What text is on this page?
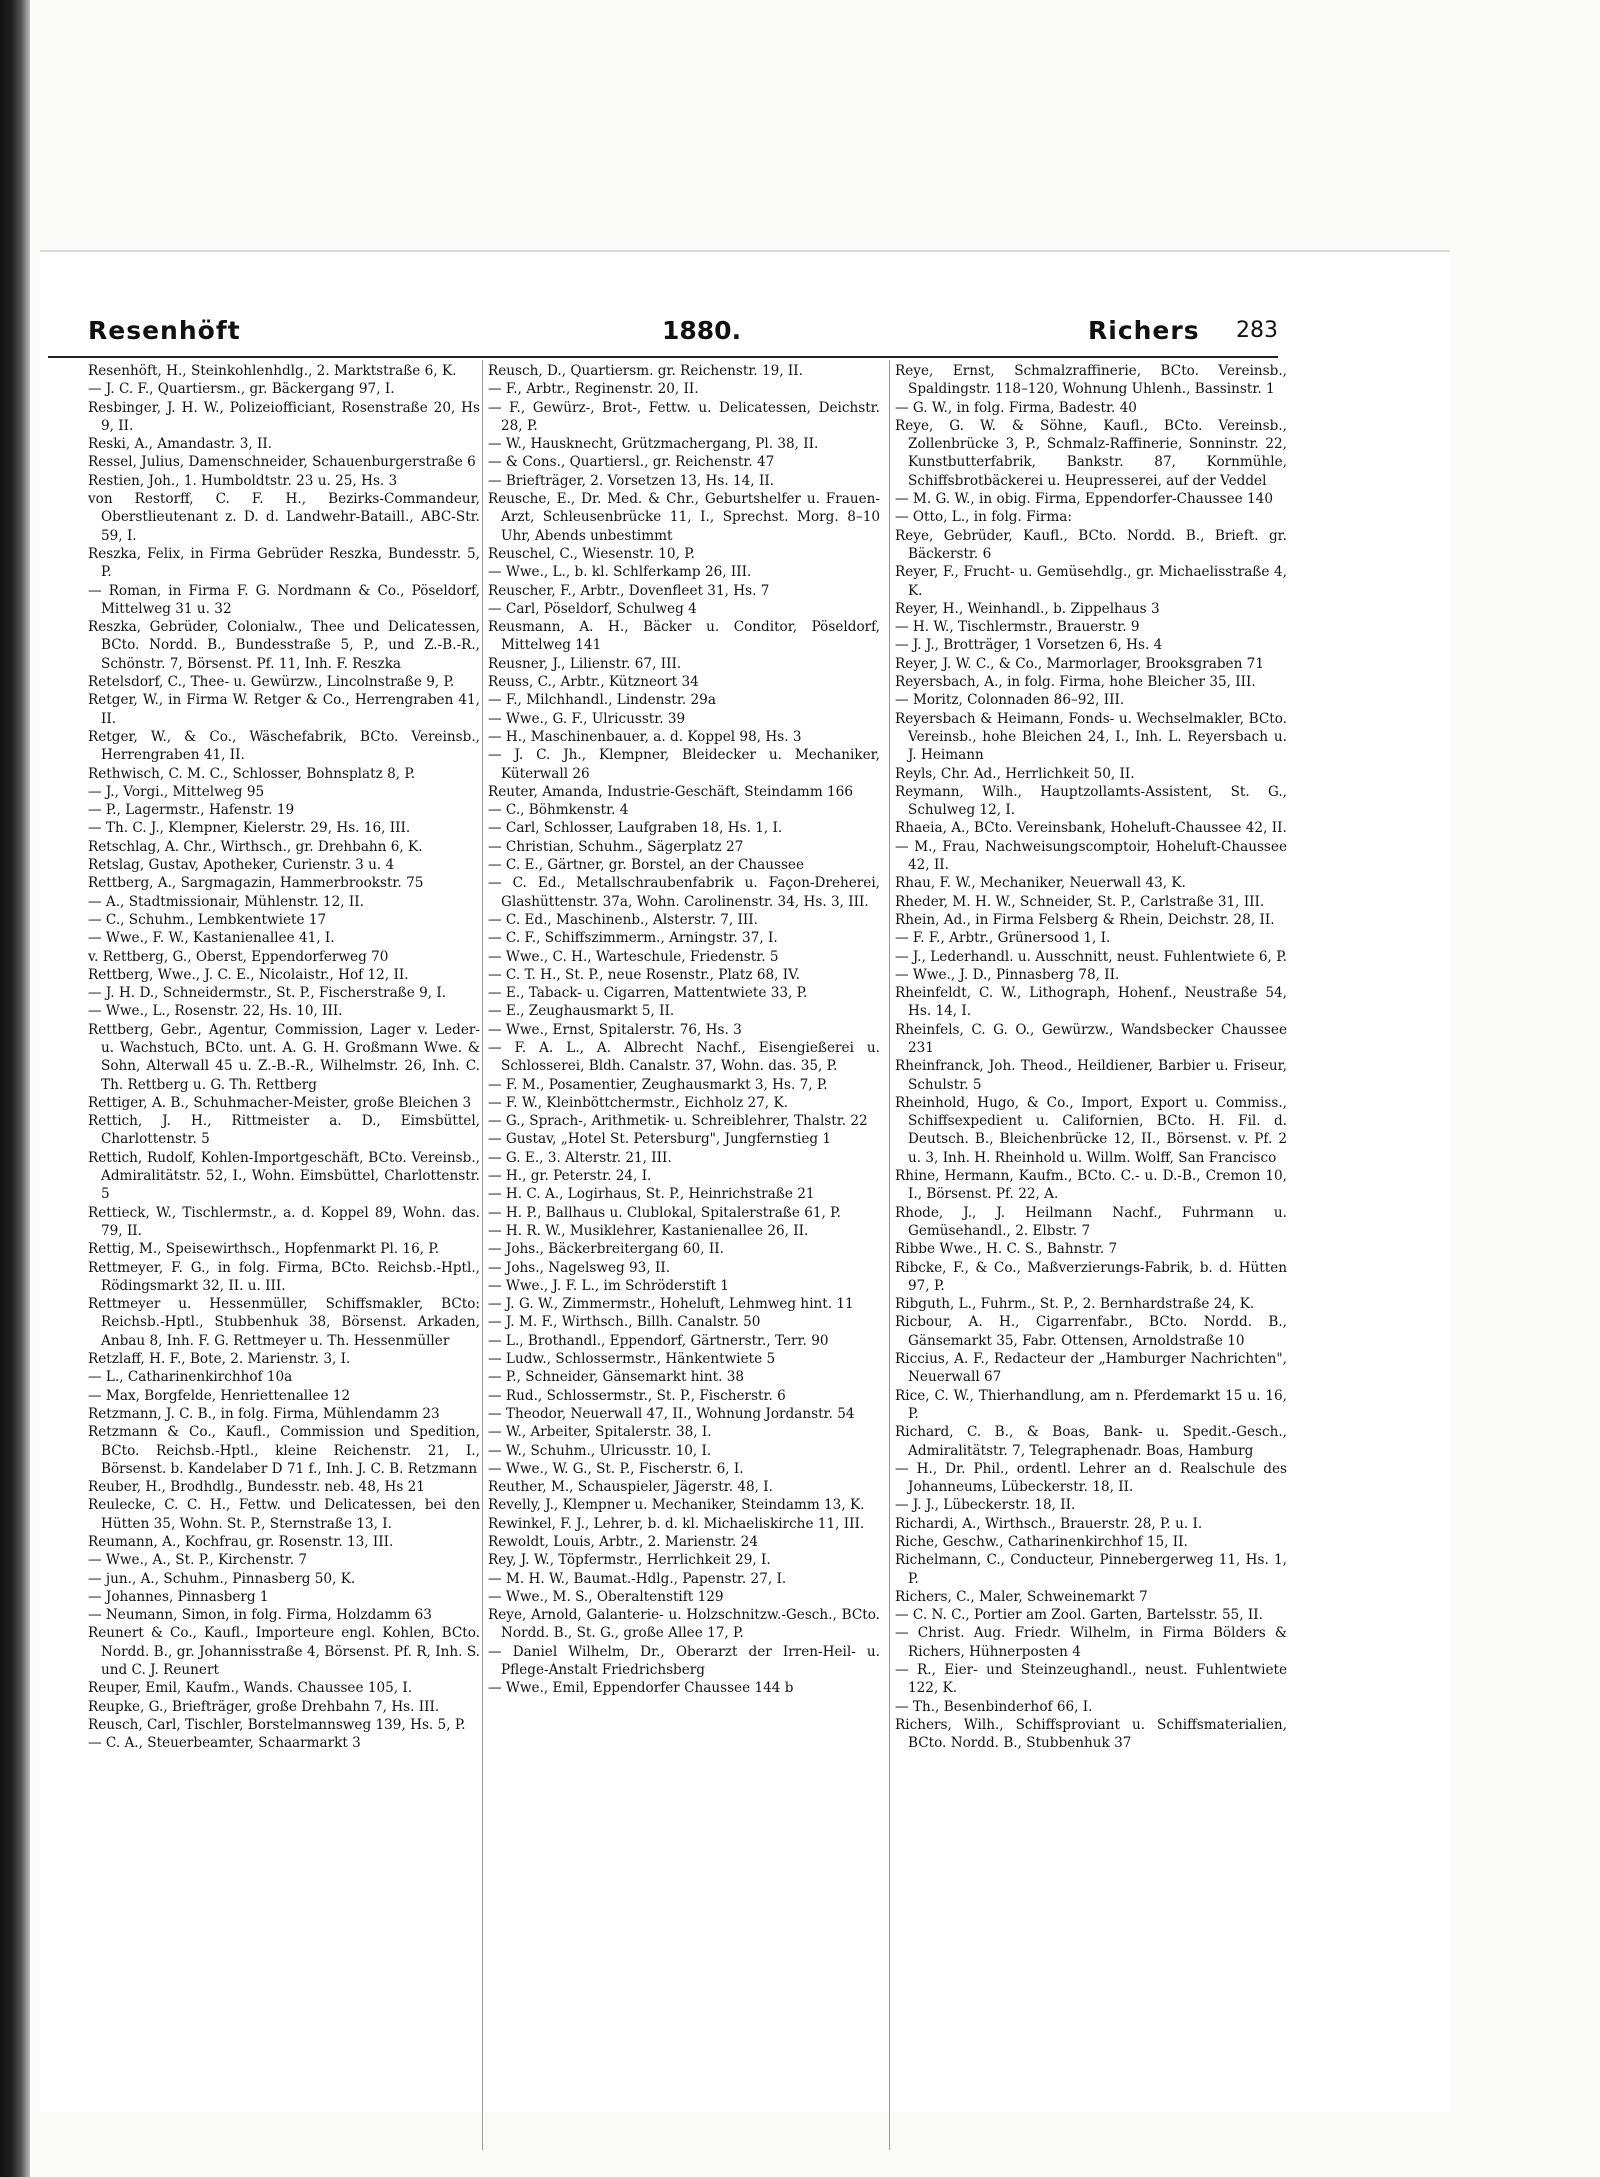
Resenhöft	1880.	Richers 283

Resenhöft, H., Steinkohlenhdlg., 2. Marktstraße 6, K.

— J. C. F., Quartiersm., gr. Bäckergang 97, I.

Resbinger, J. H. W., Polizeiofficiant, Rosenstraße 20, Hs 9, II.

Reski, A., Amandastr. 3, II.

Ressel, Julius, Damenschneider, Schauenburgerstraße 6

Restien, Joh., 1. Humboldtstr. 23 u. 25, Hs. 3

von Restorff, C. F. H., Bezirks-Commandeur, Oberstlieutenant z. D. d. Landwehr-Bataill., ABC-Str. 59, I.

Reszka, Felix, in Firma Gebrüder Reszka, Bundesstr. 5, P.

— Roman, in Firma F. G. Nordmann & Co., Pöseldorf, Mittelweg 31 u. 32

Reszka, Gebrüder, Colonialw., Thee und Delicatessen, BCto. Nordd. B., Bundesstraße 5, P., und Z.-B.-R., Schönstr. 7, Börsenst. Pf. 11, Inh. F. Reszka

Retelsdorf, C., Thee- u. Gewürzw., Lincolnstraße 9, P.

Retger, W., in Firma W. Retger & Co., Herrengraben 41, II.

Retger, W., & Co., Wäschefabrik, BCto. Vereinsb., Herrengraben 41, II.

Rethwisch, C. M. C., Schlosser, Bohnsplatz 8, P.

— J., Vorgi., Mittelweg 95

— P., Lagermstr., Hafenstr. 19

— Th. C. J., Klempner, Kielerstr. 29, Hs. 16, III.

Retschlag, A. Chr., Wirthsch., gr. Drehbahn 6, K.

Retslag, Gustav, Apotheker, Curienstr. 3 u. 4

Rettberg, A., Sargmagazin, Hammerbrookstr. 75

— A., Stadtmissionair, Mühlenstr. 12, II.

— C., Schuhm., Lembkentwiete 17

— Wwe., F. W., Kastanienallee 41, I.

v. Rettberg, G., Oberst, Eppendorferweg 70

Rettberg, Wwe., J. C. E., Nicolaistr., Hof 12, II.

— J. H. D., Schneidermstr., St. P., Fischerstraße 9, I.

— Wwe., L., Rosenstr. 22, Hs. 10, III.

Rettberg, Gebr., Agentur, Commission, Lager v. Leder- u. Wachstuch, BCto. unt. A. G. H. Großmann Wwe. & Sohn, Alterwall 45 u. Z.-B.-R., Wilhelmstr. 26, Inh. C. Th. Rettberg u. G. Th. Rettberg

Rettiger, A. B., Schuhmacher-Meister, große Bleichen 3

Rettich, J. H., Rittmeister a. D., Eimsbüttel, Charlottenstr. 5

Rettich, Rudolf, Kohlen-Importgeschäft, BCto. Vereinsb., Admiralitätstr. 52, I., Wohn. Eimsbüttel, Charlottenstr. 5

Rettieck, W., Tischlermstr., a. d. Koppel 89, Wohn. das. 79, II.

Rettig, M., Speisewirthsch., Hopfenmarkt Pl. 16, P.

Rettmeyer, F. G., in folg. Firma, BCto. Reichsb.-Hptl., Rödingsmarkt 32, II. u. III.

Rettmeyer u. Hessenmüller, Schiffsmakler, BCto: Reichsb.-Hptl., Stubbenhuk 38, Börsenst. Arkaden, Anbau 8, Inh. F. G. Rettmeyer u. Th. Hessenmüller

Retzlaff, H. F., Bote, 2. Marienstr. 3, I.

— L., Catharinenkirchhof 10a

— Max, Borgfelde, Henriettenallee 12

Retzmann, J. C. B., in folg. Firma, Mühlendamm 23

Retzmann & Co., Kaufl., Commission und Spedition, BCto. Reichsb.-Hptl., kleine Reichenstr. 21, I., Börsenst. b. Kandelaber D 71 f., Inh. J. C. B. Retzmann

Reuber, H., Brodhdlg., Bundesstr. neb. 48, Hs 21

Reulecke, C. C. H., Fettw. und Delicatessen, bei den Hütten 35, Wohn. St. P., Sternstraße 13, I.

Reumann, A., Kochfrau, gr. Rosenstr. 13, III.

— Wwe., A., St. P., Kirchenstr. 7

— jun., A., Schuhm., Pinnasberg 50, K.

— Johannes, Pinnasberg 1

— Neumann, Simon, in folg. Firma, Holzdamm 63

Reunert & Co., Kaufl., Importeure engl. Kohlen, BCto. Nordd. B., gr. Johannisstraße 4, Börsenst. Pf. R, Inh. S. und C. J. Reunert

Reuper, Emil, Kaufm., Wands. Chaussee 105, I.

Reupke, G., Briefträger, große Drehbahn 7, Hs. III.

Reusch, Carl, Tischler, Borstelmannsweg 139, Hs. 5, P.

— C. A., Steuerbeamter, Schaarmarkt 3

Reusch, D., Quartiersm. gr. Reichenstr. 19, II.

— F., Arbtr., Reginenstr. 20, II.

— F., Gewürz-, Brot-, Fettw. u. Delicatessen, Deichstr. 28, P.

— W., Hausknecht, Grützmachergang, Pl. 38, II.

— & Cons., Quartiersl., gr. Reichenstr. 47

— Briefträger, 2. Vorsetzen 13, Hs. 14, II.

Reusche, E., Dr. Med. & Chr., Geburtshelfer u. Frauen-Arzt, Schleusenbrücke 11, I., Sprechst. Morg. 8–10 Uhr, Abends unbestimmt

Reuschel, C., Wiesenstr. 10, P.

— Wwe., L., b. kl. Schlferkamp 26, III.

Reuscher, F., Arbtr., Dovenfleet 31, Hs. 7

— Carl, Pöseldorf, Schulweg 4

Reusmann, A. H., Bäcker u. Conditor, Pöseldorf, Mittelweg 141

Reusner, J., Lilienstr. 67, III.

Reuss, C., Arbtr., Kützneort 34

— F., Milchhandl., Lindenstr. 29a

— Wwe., G. F., Ulricusstr. 39

— H., Maschinenbauer, a. d. Koppel 98, Hs. 3

— J. C. Jh., Klempner, Bleidecker u. Mechaniker, Küterwall 26

Reuter, Amanda, Industrie-Geschäft, Steindamm 166

— C., Böhmkenstr. 4

— Carl, Schlosser, Laufgraben 18, Hs. 1, I.

— Christian, Schuhm., Sägerplatz 27

— C. E., Gärtner, gr. Borstel, an der Chaussee

— C. Ed., Metallschraubenfabrik u. Façon-Dreherei, Glashüttenstr. 37a, Wohn. Carolinenstr. 34, Hs. 3, III.

— C. Ed., Maschinenb., Alsterstr. 7, III.

— C. F., Schiffszimmerm., Arningstr. 37, I.

— Wwe., C. H., Warteschule, Friedenstr. 5

— C. T. H., St. P., neue Rosenstr., Platz 68, IV.

— E., Taback- u. Cigarren, Mattentwiete 33, P.

— E., Zeughausmarkt 5, II.

— Wwe., Ernst, Spitalerstr. 76, Hs. 3

— F. A. L., A. Albrecht Nachf., Eisengießerei u. Schlosserei, Bldh. Canalstr. 37, Wohn. das. 35, P.

— F. M., Posamentier, Zeughausmarkt 3, Hs. 7, P.

— F. W., Kleinböttchermstr., Eichholz 27, K.

— G., Sprach-, Arithmetik- u. Schreiblehrer, Thalstr. 22

— Gustav, „Hotel St. Petersburg", Jungfernstieg 1

— G. E., 3. Alterstr. 21, III.

— H., gr. Peterstr. 24, I.

— H. C. A., Logirhaus, St. P., Heinrichstraße 21

— H. P., Ballhaus u. Clublokal, Spitalerstraße 61, P.

— H. R. W., Musiklehrer, Kastanienallee 26, II.

— Johs., Bäckerbreitergang 60, II.

— Johs., Nagelsweg 93, II.

— Wwe., J. F. L., im Schröderstift 1

— J. G. W., Zimmermstr., Hoheluft, Lehmweg hint. 11

— J. M. F., Wirthsch., Billh. Canalstr. 50

— L., Brothandl., Eppendorf, Gärtnerstr., Terr. 90

— Ludw., Schlossermstr., Hänkentwiete 5

— P., Schneider, Gänsemarkt hint. 38

— Rud., Schlossermstr., St. P., Fischerstr. 6

— Theodor, Neuerwall 47, II., Wohnung Jordanstr. 54

— W., Arbeiter, Spitalerstr. 38, I.

— W., Schuhm., Ulricusstr. 10, I.

— Wwe., W. G., St. P., Fischerstr. 6, I.

Reuther, M., Schauspieler, Jägerstr. 48, I.

Revelly, J., Klempner u. Mechaniker, Steindamm 13, K.

Rewinkel, F. J., Lehrer, b. d. kl. Michaeliskirche 11, III.

Rewoldt, Louis, Arbtr., 2. Marienstr. 24

Rey, J. W., Töpfermstr., Herrlichkeit 29, I.

— M. H. W., Baumat.-Hdlg., Papenstr. 27, I.

— Wwe., M. S., Oberaltenstift 129

Reye, Arnold, Galanterie- u. Holzschnitzw.-Gesch., BCto. Nordd. B., St. G., große Allee 17, P.

— Daniel Wilhelm, Dr., Oberarzt der Irren-Heil- u. Pflege-Anstalt Friedrichsberg

— Wwe., Emil, Eppendorfer Chaussee 144 b

Reye, Ernst, Schmalzraffinerie, BCto. Vereinsb., Spaldingstr. 118–120, Wohnung Uhlenh., Bassinstr. 1

— G. W., in folg. Firma, Badestr. 40

Reye, G. W. & Söhne, Kaufl., BCto. Vereinsb., Zollenbrücke 3, P., Schmalz-Raffinerie, Sonninstr. 22, Kunstbutterfabrik, Bankstr. 87, Kornmühle, Schiffsbrotbäckerei u. Heupresserei, auf der Veddel

— M. G. W., in obig. Firma, Eppendorfer-Chaussee 140

— Otto, L., in folg. Firma:

Reye, Gebrüder, Kaufl., BCto. Nordd. B., Brieft. gr. Bäckerstr. 6

Reyer, F., Frucht- u. Gemüsehdlg., gr. Michaelisstraße 4, K.

Reyer, H., Weinhandl., b. Zippelhaus 3

— H. W., Tischlermstr., Brauerstr. 9

— J. J., Brotträger, 1 Vorsetzen 6, Hs. 4

Reyer, J. W. C., & Co., Marmorlager, Brooksgraben 71

Reyersbach, A., in folg. Firma, hohe Bleicher 35, III.

— Moritz, Colonnaden 86–92, III.

Reyersbach & Heimann, Fonds- u. Wechselmakler, BCto. Vereinsb., hohe Bleichen 24, I., Inh. L. Reyersbach u. J. Heimann

Reyls, Chr. Ad., Herrlichkeit 50, II.

Reymann, Wilh., Hauptzollamts-Assistent, St. G., Schulweg 12, I.

Rhaeia, A., BCto. Vereinsbank, Hoheluft-Chaussee 42, II.

— M., Frau, Nachweisungscomptoir, Hoheluft-Chaussee 42, II.

Rhau, F. W., Mechaniker, Neuerwall 43, K.

Rheder, M. H. W., Schneider, St. P., Carlstraße 31, III.

Rhein, Ad., in Firma Felsberg & Rhein, Deichstr. 28, II.

— F. F., Arbtr., Grünersood 1, I.

— J., Lederhandl. u. Ausschnitt, neust. Fuhlentwiete 6, P.

— Wwe., J. D., Pinnasberg 78, II.

Rheinfeldt, C. W., Lithograph, Hohenf., Neustraße 54, Hs. 14, I.

Rheinfels, C. G. O., Gewürzw., Wandsbecker Chaussee 231

Rheinfranck, Joh. Theod., Heildiener, Barbier u. Friseur, Schulstr. 5

Rheinhold, Hugo, & Co., Import, Export u. Commiss., Schiffsexpedient u. Californien, BCto. H. Fil. d. Deutsch. B., Bleichenbrücke 12, II., Börsenst. v. Pf. 2 u. 3, Inh. H. Rheinhold u. Willm. Wolff, San Francisco

Rhine, Hermann, Kaufm., BCto. C.- u. D.-B., Cremon 10, I., Börsenst. Pf. 22, A.

Rhode, J., J. Heilmann Nachf., Fuhrmann u. Gemüsehandl., 2. Elbstr. 7

Ribbe Wwe., H. C. S., Bahnstr. 7

Ribcke, F., & Co., Maßverzierungs-Fabrik, b. d. Hütten 97, P.

Ribguth, L., Fuhrm., St. P., 2. Bernhardstraße 24, K.

Ricbour, A. H., Cigarrenfabr., BCto. Nordd. B., Gänsemarkt 35, Fabr. Ottensen, Arnoldstraße 10

Riccius, A. F., Redacteur der „Hamburger Nachrichten", Neuerwall 67

Rice, C. W., Thierhandlung, am n. Pferdemarkt 15 u. 16, P.

Richard, C. B., & Boas, Bank- u. Spedit.-Gesch., Admiralitätstr. 7, Telegraphenadr. Boas, Hamburg

— H., Dr. Phil., ordentl. Lehrer an d. Realschule des Johanneums, Lübeckerstr. 18, II.

— J. J., Lübeckerstr. 18, II.

Richardi, A., Wirthsch., Brauerstr. 28, P. u. I.

Riche, Geschw., Catharinenkirchhof 15, II.

Richelmann, C., Conducteur, Pinnebergerweg 11, Hs. 1, P.

Richers, C., Maler, Schweinemarkt 7

— C. N. C., Portier am Zool. Garten, Bartelsstr. 55, II.

— Christ. Aug. Friedr. Wilhelm, in Firma Bölders & Richers, Hühnerposten 4

— R., Eier- und Steinzeughandl., neust. Fuhlentwiete 122, K.

— Th., Besenbinderhof 66, I.

Richers, Wilh., Schiffsproviant u. Schiffsmaterialien, BCto. Nordd. B., Stubbenhuk 37
